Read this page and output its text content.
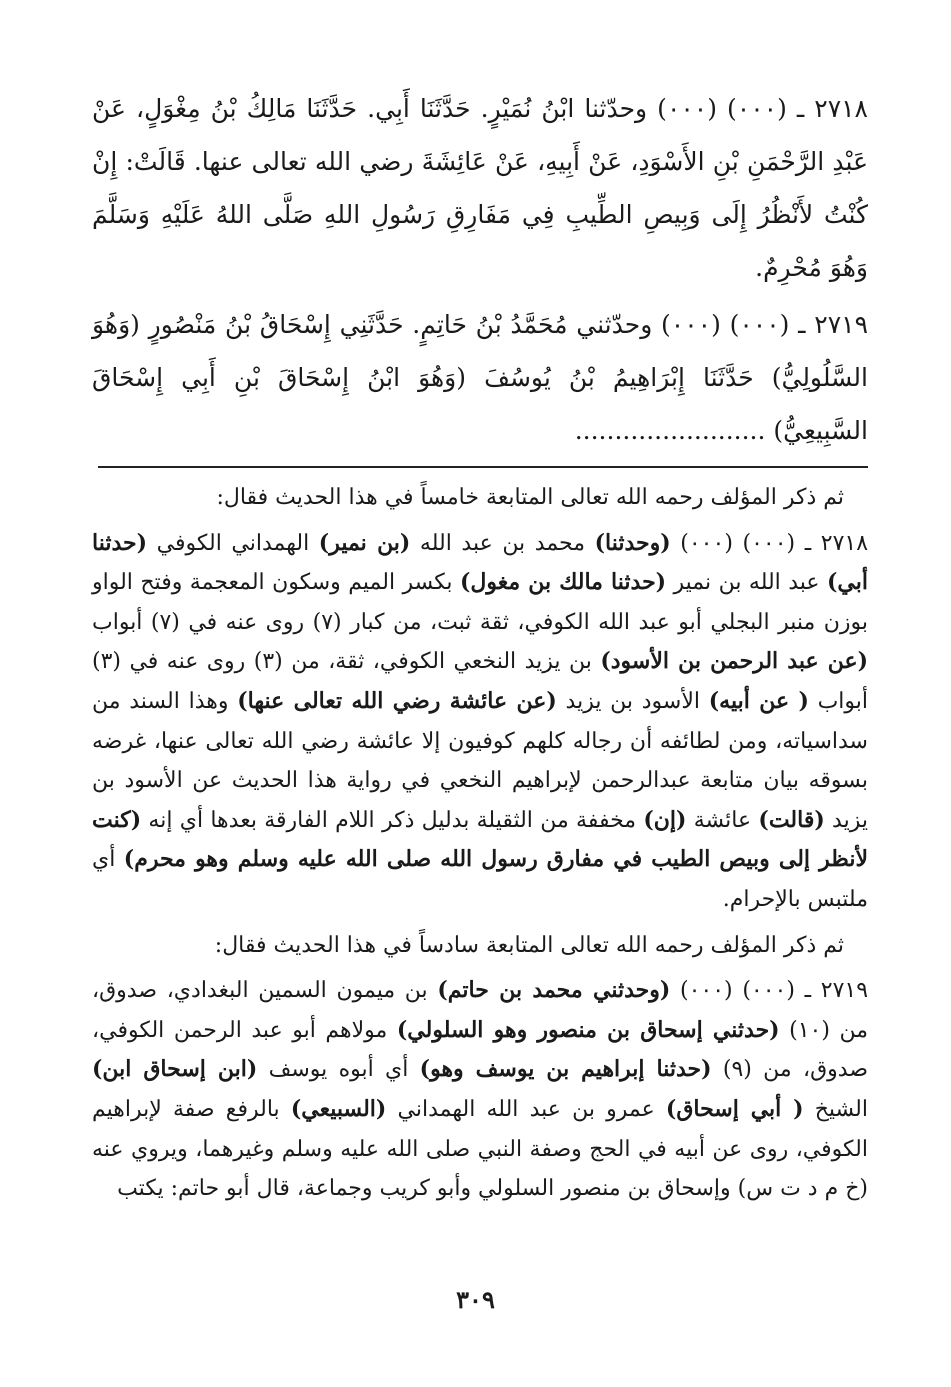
٢٧١٨ ـ (٠٠٠) (٠٠٠) وحدّثنا ابْنُ نُمَيْرٍ. حَدَّثَنَا أَبِي. حَدَّثَنَا مَالِكُ بْنُ مِغْوَلٍ، عَنْ عَبْدِ الرَّحْمَنِ بْنِ الأَسْوَدِ، عَنْ أَبِيهِ، عَنْ عَائِشَةَ رضي الله تعالى عنها. قَالَتْ: إِنْ كُنْتُ لأَنْظُرُ إِلَى وَبِيصِ الطِّيبِ فِي مَفَارِقِ رَسُولِ اللهِ صَلَّى اللهُ عَلَيْهِ وَسَلَّمَ وَهُوَ مُحْرِمٌ.

٢٧١٩ ـ (٠٠٠) (٠٠٠) وحدّثني مُحَمَّدُ بْنُ حَاتِمٍ. حَدَّثَنِي إِسْحَاقُ بْنُ مَنْصُورٍ (وَهُوَ السَّلُولِيُّ) حَدَّثَنَا إِبْرَاهِيمُ بْنُ يُوسُفَ (وَهُوَ ابْنُ إِسْحَاقَ بْنِ أَبِي إِسْحَاقَ السَّبِيعِيُّ) ........................

ثم ذكر المؤلف رحمه الله تعالى المتابعة خامساً في هذا الحديث فقال:

٢٧١٨ ـ (٠٠٠) (٠٠٠) (وحدثنا) محمد بن عبد الله (بن نمير) الهمداني الكوفي (حدثنا أبي) عبد الله بن نمير (حدثنا مالك بن مغول) بكسر الميم وسكون المعجمة وفتح الواو بوزن منبر البجلي أبو عبد الله الكوفي، ثقة ثبت، من كبار (٧) روى عنه في (٧) أبواب (عن عبد الرحمن بن الأسود) بن يزيد النخعي الكوفي، ثقة، من (٣) روى عنه في (٣) أبواب ( عن أبيه) الأسود بن يزيد (عن عائشة رضي الله تعالى عنها) وهذا السند من سداسياته، ومن لطائفه أن رجاله كلهم كوفيون إلا عائشة رضي الله تعالى عنها، غرضه بسوقه بيان متابعة عبدالرحمن لإبراهيم النخعي في رواية هذا الحديث عن الأسود بن يزيد (قالت) عائشة (إن) مخففة من الثقيلة بدليل ذكر اللام الفارقة بعدها أي إنه (كنت لأنظر إلى وبيص الطيب في مفارق رسول الله صلى الله عليه وسلم وهو محرم) أي ملتبس بالإحرام.

ثم ذكر المؤلف رحمه الله تعالى المتابعة سادساً في هذا الحديث فقال:

٢٧١٩ ـ (٠٠٠) (٠٠٠) (وحدثني محمد بن حاتم) بن ميمون السمين البغدادي، صدوق، من (١٠) (حدثني إسحاق بن منصور وهو السلولي) مولاهم أبو عبد الرحمن الكوفي، صدوق، من (٩) (حدثنا إبراهيم بن يوسف وهو) أي أبوه يوسف (ابن إسحاق ابن) الشيخ ( أبي إسحاق) عمرو بن عبد الله الهمداني (السبيعي) بالرفع صفة لإبراهيم الكوفي، روى عن أبيه في الحج وصفة النبي صلى الله عليه وسلم وغيرهما، ويروي عنه (خ م د ت س) وإسحاق بن منصور السلولي وأبو كريب وجماعة، قال أبو حاتم: يكتب

٣٠٩
